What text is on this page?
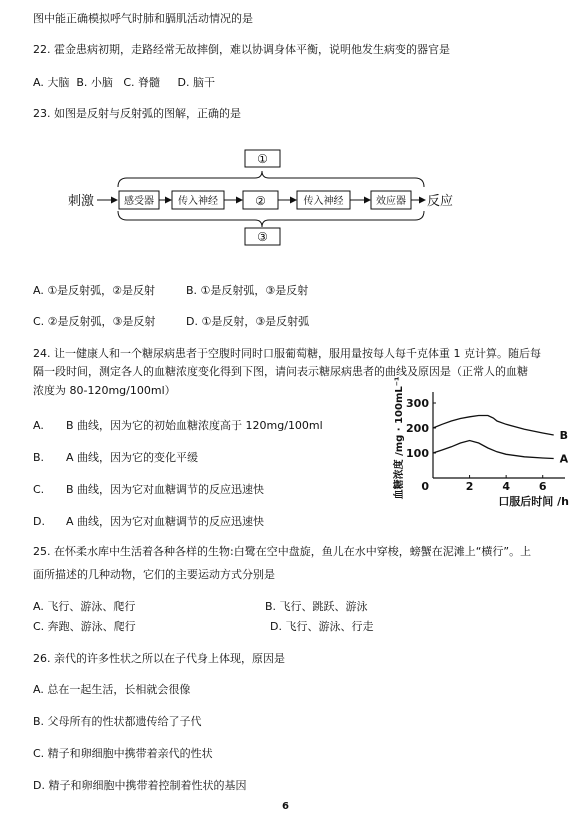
图中能正确模拟呼气时肺和膈肌活动情况的是
22. 霍金患病初期，走路经常无故摔倒，难以协调身体平衡，说明他发生病变的器官是
A. 大脑  B. 小脑   C. 脊髓     D. 脑干
23. 如图是反射与反射弧的图解，正确的是
①
刺激	感受器 传入神经	②	传入神经	效应器 反应
③
A. ①是反射弧，②是反射	B. ①是反射弧，③是反射
C. ②是反射弧，③是反射	D. ①是反射，③是反射弧
24. 让一健康人和一个糖尿病患者于空腹时同时口服葡萄糖，服用量按每人每千克体重 1 克计算。随后每
隔一段时间，测定各人的血糖浓度变化得到下图，请问表示糖尿病患者的曲线及原因是（正常人的血糖
浓度为 80-120mg/100ml）
A. B 曲线，因为它的初始血糖浓度高于 120mg/100ml
B. A 曲线，因为它的变化平缓
C. B 曲线，因为它对血糖调节的反应迅速快
D. A 曲线，因为它对血糖调节的反应迅速快
300
200
100
2	4	6
0
口服后时间 /h
血糖浓度 /mg · 100mL⁻¹	B
A
25. 在怀柔水库中生活着各种各样的生物:白鹭在空中盘旋，鱼儿在水中穿梭，螃蟹在泥滩上“横行”。上
面所描述的几种动物，它们的主要运动方式分别是
A. 飞行、游泳、爬行	B. 飞行、跳跃、游泳
C. 奔跑、游泳、爬行	D. 飞行、游泳、行走
26. 亲代的许多性状之所以在子代身上体现，原因是
A. 总在一起生活，长相就会很像
B. 父母所有的性状都遗传给了子代
C. 精子和卵细胞中携带着亲代的性状
D. 精子和卵细胞中携带着控制着性状的基因
6
